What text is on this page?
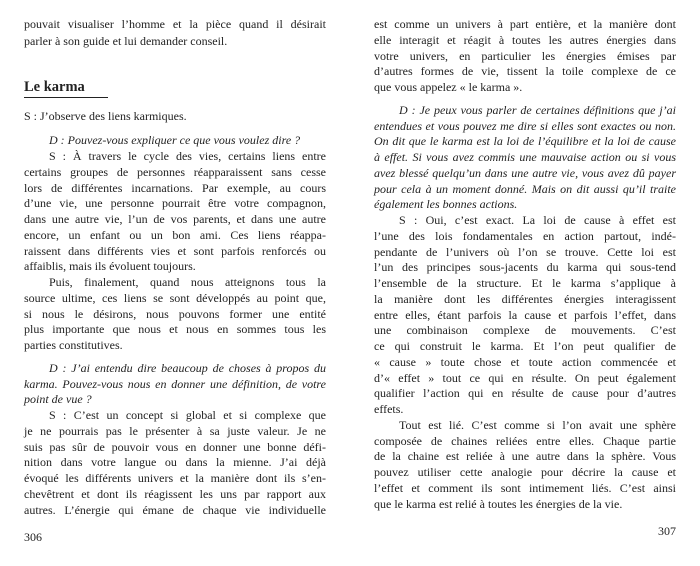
pouvait visualiser l’homme et la pièce quand il désirait
parler à son guide et lui demander conseil.
Le karma
S : J’observe des liens karmiques.
D : Pouvez-vous expliquer ce que vous voulez dire ?
S : À travers le cycle des vies, certains liens entre
certains groupes de personnes réapparaissent sans cesse
lors de différentes incarnations. Par exemple, au cours
d’une vie, une personne pourrait être votre compagnon,
dans une autre vie, l’un de vos parents, et dans une autre
encore, un enfant ou un bon ami. Ces liens réappa-
raissent dans différents vies et sont parfois renforcés ou
affaiblis, mais ils évoluent toujours.
Puis, finalement, quand nous atteignons tous la
source ultime, ces liens se sont développés au point que,
si nous le désirons, nous pouvons former une entité
plus importante que nous et nous en sommes tous les
parties constitutives.
D : J’ai entendu dire beaucoup de choses à propos du
karma. Pouvez-vous nous en donner une définition, de votre
point de vue ?
S : C’est un concept si global et si complexe que
je ne pourrais pas le présenter à sa juste valeur. Je ne
suis pas sûr de pouvoir vous en donner une bonne défi-
nition dans votre langue ou dans la mienne. J’ai déjà
évoqué les différents univers et la manière dont ils s’en-
chevêtrent et dont ils réagissent les uns par rapport aux
autres. L’énergie qui émane de chaque vie individuelle
306
est comme un univers à part entière, et la manière dont
elle interagit et réagit à toutes les autres énergies dans
votre univers, en particulier les énergies émises par
d’autres formes de vie, tissent la toile complexe de ce
que vous appelez « le karma ».
D : Je peux vous parler de certaines définitions que j’ai
entendues et vous pouvez me dire si elles sont exactes ou non.
On dit que le karma est la loi de l’équilibre et la loi de cause
à effet. Si vous avez commis une mauvaise action ou si vous
avez blessé quelqu’un dans une autre vie, vous avez dû payer
pour cela à un moment donné. Mais on dit aussi qu’il traite
également les bonnes actions.
S : Oui, c’est exact. La loi de cause à effet est
l’une des lois fondamentales en action partout, indé-
pendante de l’univers où l’on se trouve. Cette loi est
l’un des principes sous-jacents du karma qui sous-tend
l’ensemble de la structure. Et le karma s’applique à
la manière dont les différentes énergies interagissent
entre elles, étant parfois la cause et parfois l’effet, dans
une combinaison complexe de mouvements. C’est
ce qui construit le karma. Et l’on peut qualifier de
« cause » toute chose et toute action commencée et
d’« effet » tout ce qui en résulte. On peut également
qualifier l’action qui en résulte de cause pour d’autres
effets.
Tout est lié. C’est comme si l’on avait une sphère
composée de chaines reliées entre elles. Chaque partie
de la chaine est reliée à une autre dans la sphère. Vous
pouvez utiliser cette analogie pour décrire la cause et
l’effet et comment ils sont intimement liés. C’est ainsi
que le karma est relié à toutes les énergies de la vie.
307
